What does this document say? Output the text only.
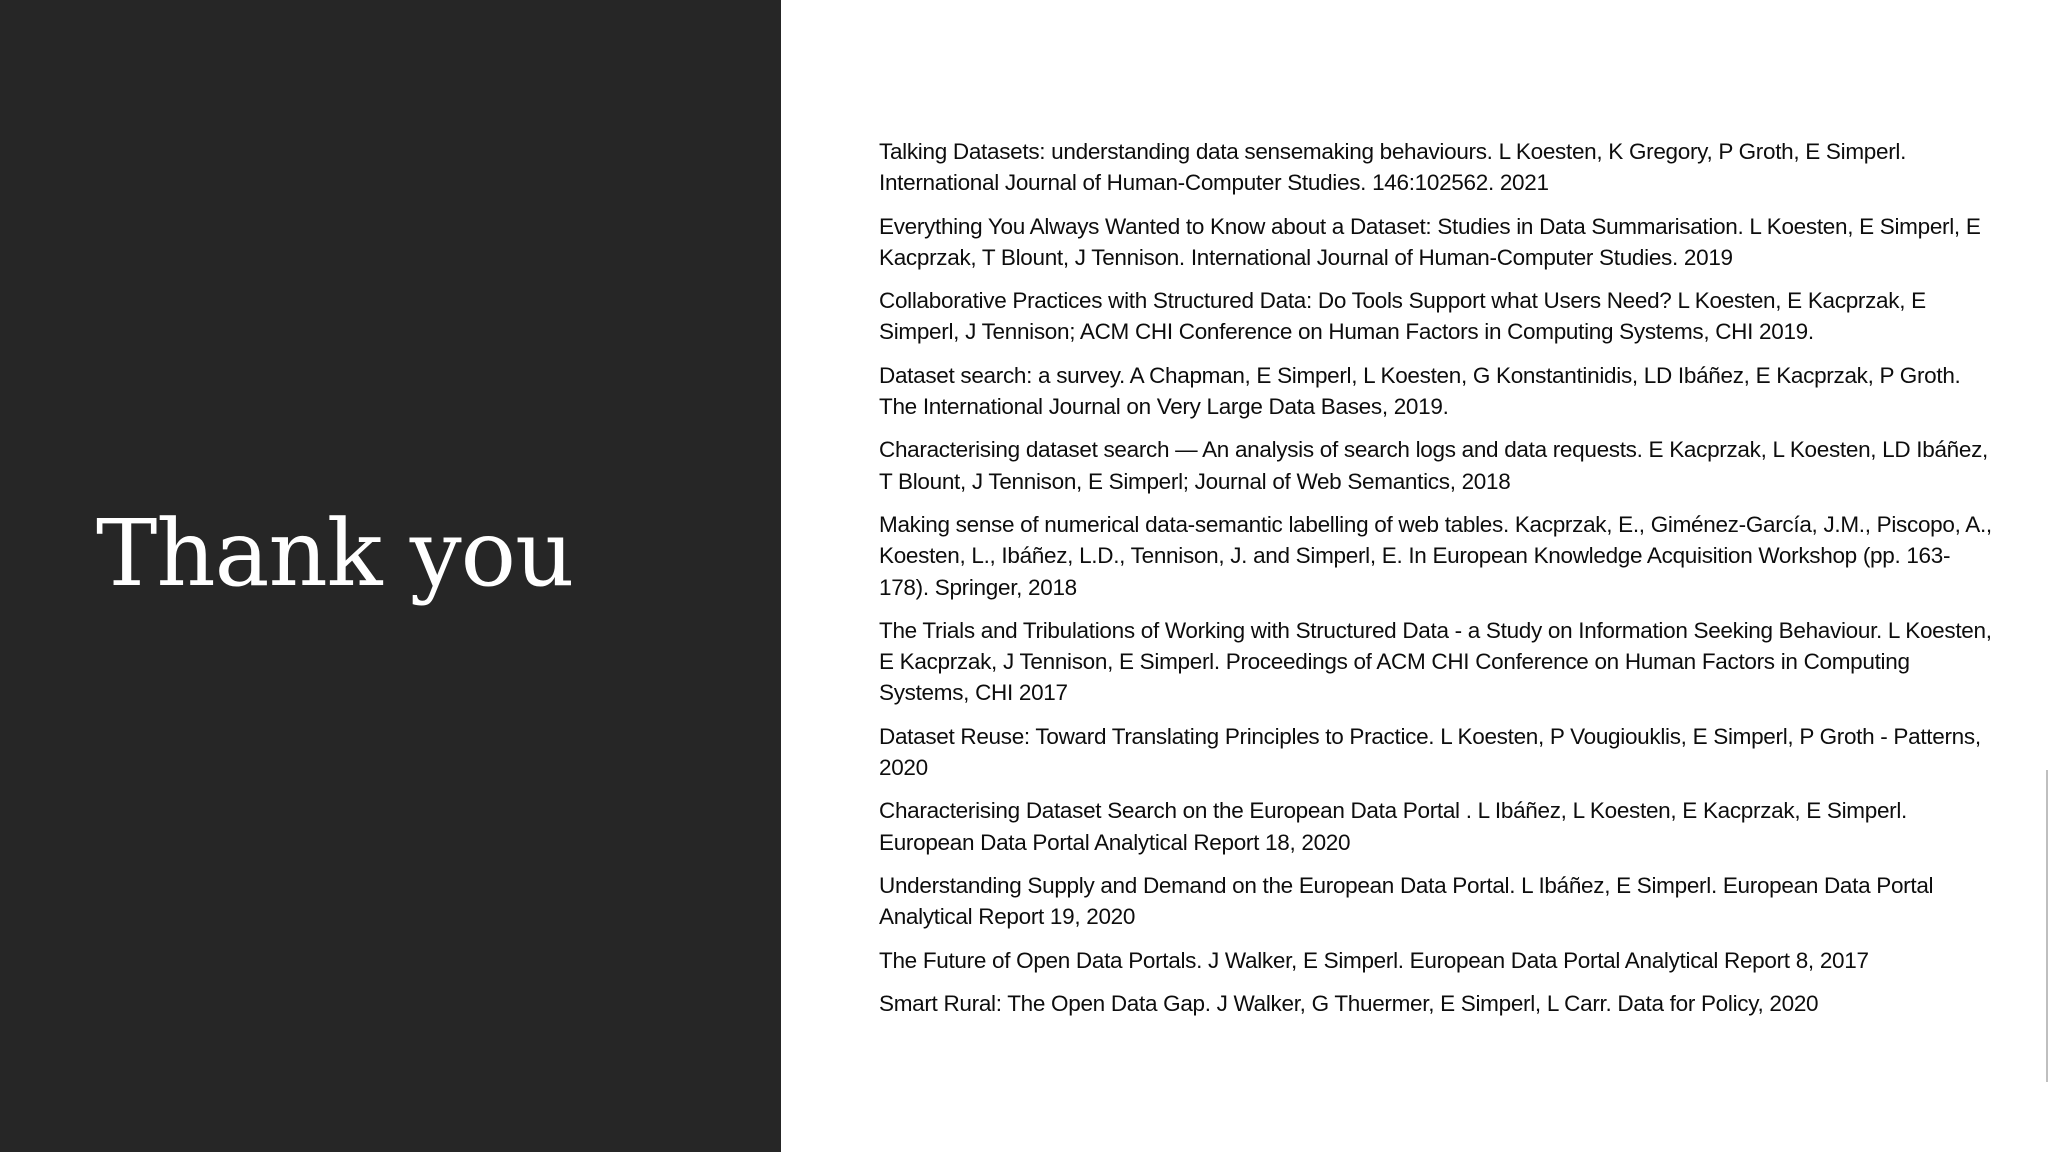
Thank you
Talking Datasets: understanding data sensemaking behaviours. L Koesten, K Gregory, P Groth, E Simperl. International Journal of Human-Computer Studies. 146:102562. 2021
Everything You Always Wanted to Know about a Dataset: Studies in Data Summarisation. L Koesten, E Simperl, E Kacprzak, T Blount, J Tennison. International Journal of Human-Computer Studies. 2019
Collaborative Practices with Structured Data: Do Tools Support what Users Need? L Koesten, E Kacprzak, E Simperl, J Tennison; ACM CHI Conference on Human Factors in Computing Systems, CHI 2019.
Dataset search: a survey. A Chapman, E Simperl, L Koesten, G Konstantinidis, LD Ibáñez, E Kacprzak, P Groth. The International Journal on Very Large Data Bases, 2019.
Characterising dataset search — An analysis of search logs and data requests. E Kacprzak, L Koesten, LD Ibáñez, T Blount, J Tennison, E Simperl; Journal of Web Semantics, 2018
Making sense of numerical data-semantic labelling of web tables. Kacprzak, E., Giménez-García, J.M., Piscopo, A., Koesten, L., Ibáñez, L.D., Tennison, J. and Simperl, E. In European Knowledge Acquisition Workshop (pp. 163-178). Springer, 2018
The Trials and Tribulations of Working with Structured Data - a Study on Information Seeking Behaviour. L Koesten, E Kacprzak, J Tennison, E Simperl. Proceedings of ACM CHI Conference on Human Factors in Computing Systems, CHI 2017
Dataset Reuse: Toward Translating Principles to Practice. L Koesten, P Vougiouklis, E Simperl, P Groth - Patterns, 2020
Characterising Dataset Search on the European Data Portal . L Ibáñez, L Koesten, E Kacprzak, E Simperl. European Data Portal Analytical Report 18, 2020
Understanding Supply and Demand on the European Data Portal. L Ibáñez, E Simperl. European Data Portal Analytical Report 19, 2020
The Future of Open Data Portals. J Walker, E Simperl. European Data Portal Analytical Report 8, 2017
Smart Rural: The Open Data Gap. J Walker, G Thuermer, E Simperl, L Carr. Data for Policy, 2020
